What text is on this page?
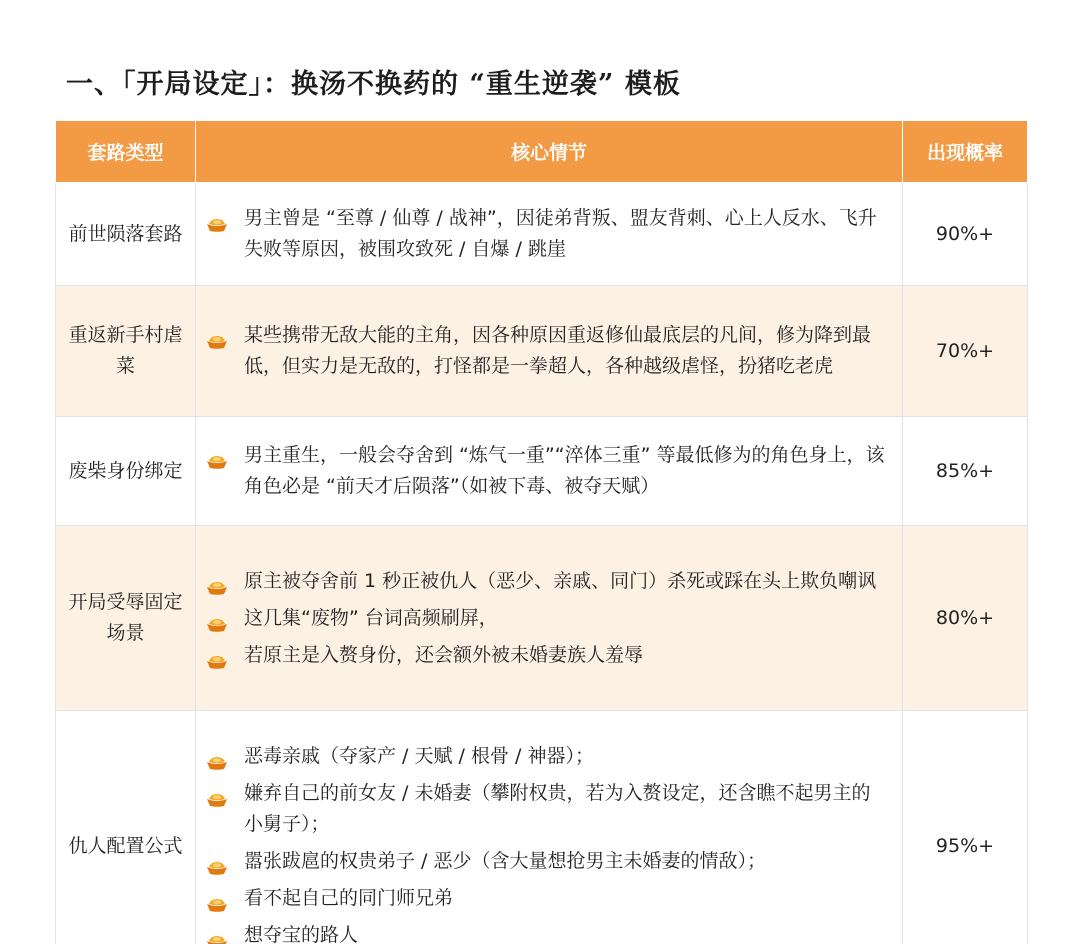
一、「开局设定」：换汤不换药的 “重生逆袭” 模板
套路类型	核心情节	出现概率
前世陨落套路	男主曾是 “至尊 / 仙尊 / 战神”，因徒弟背叛、盟友背刺、心上人反水、飞升失败等原因，被围攻致死 / 自爆 / 跳崖	90%+
重返新手村虐菜	某些携带无敌大能的主角，因各种原因重返修仙最底层的凡间，修为降到最低，但实力是无敌的，打怪都是一拳超人，各种越级虐怪，扮猪吃老虎	70%+
废柴身份绑定	男主重生，一般会夺舍到 “炼气一重”“淬体三重” 等最低修为的角色身上，该角色必是 “前天才后陨落”（如被下毒、被夺天赋）	85%+
开局受辱固定场景	原主被夺舍前 1 秒正被仇人（恶少、亲戚、同门）杀死或踩在头上欺负嘲讽
这几集“废物” 台词高频刷屏，
若原主是入赘身份，还会额外被未婚妻族人羞辱	80%+
仇人配置公式	恶毒亲戚（夺家产 / 天赋 / 根骨 / 神器）；
嫌弃自己的前女友 / 未婚妻（攀附权贵，若为入赘设定，还含瞧不起男主的小舅子）；
嚣张跋扈的权贵弟子 / 恶少（含大量想抢男主未婚妻的情敌）；
看不起自己的同门师兄弟
想夺宝的路人	95%+
